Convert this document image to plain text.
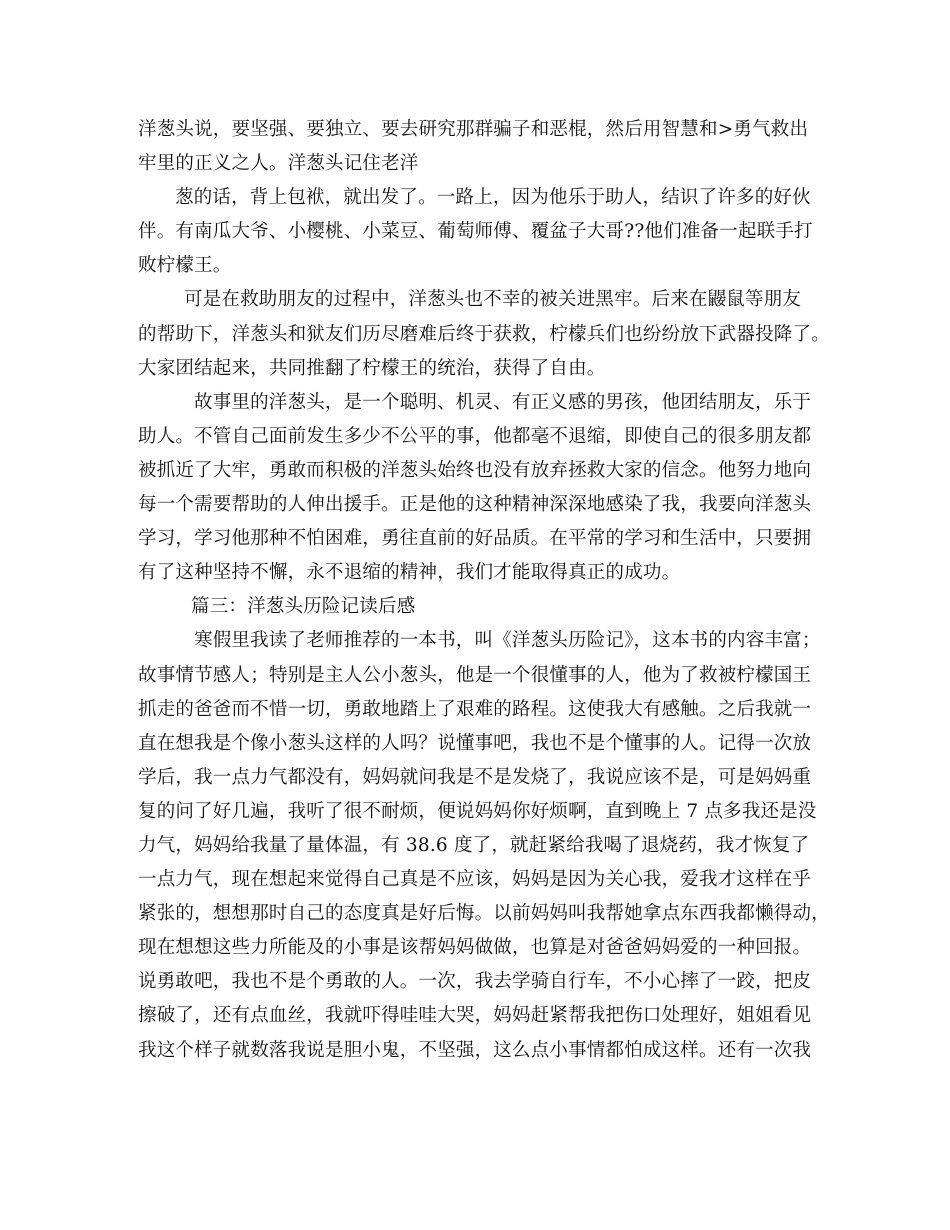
洋葱头说，要坚强、要独立、要去研究那群骗子和恶棍，然后用智慧和>勇气救出
牢里的正义之人。洋葱头记住老洋
葱的话，背上包袱，就出发了。一路上，因为他乐于助人，结识了许多的好伙
伴。有南瓜大爷、小樱桃、小菜豆、葡萄师傅、覆盆子大哥??他们准备一起联手打
败柠檬王。
可是在救助朋友的过程中，洋葱头也不幸的被关进黑牢。后来在鼹鼠等朋友
的帮助下，洋葱头和狱友们历尽磨难后终于获救，柠檬兵们也纷纷放下武器投降了。
大家团结起来，共同推翻了柠檬王的统治，获得了自由。
故事里的洋葱头，是一个聪明、机灵、有正义感的男孩，他团结朋友，乐于
助人。不管自己面前发生多少不公平的事，他都毫不退缩，即使自己的很多朋友都
被抓近了大牢，勇敢而积极的洋葱头始终也没有放弃拯救大家的信念。他努力地向
每一个需要帮助的人伸出援手。正是他的这种精神深深地感染了我，我要向洋葱头
学习，学习他那种不怕困难，勇往直前的好品质。在平常的学习和生活中，只要拥
有了这种坚持不懈，永不退缩的精神，我们才能取得真正的成功。
篇三：洋葱头历险记读后感
寒假里我读了老师推荐的一本书，叫《洋葱头历险记》，这本书的内容丰富；
故事情节感人；特别是主人公小葱头，他是一个很懂事的人，他为了救被柠檬国王
抓走的爸爸而不惜一切，勇敢地踏上了艰难的路程。这使我大有感触。之后我就一
直在想我是个像小葱头这样的人吗？说懂事吧，我也不是个懂事的人。记得一次放
学后，我一点力气都没有，妈妈就问我是不是发烧了，我说应该不是，可是妈妈重
复的问了好几遍，我听了很不耐烦，便说妈妈你好烦啊，直到晚上 7 点多我还是没
力气，妈妈给我量了量体温，有 38.6 度了，就赶紧给我喝了退烧药，我才恢复了
一点力气，现在想起来觉得自己真是不应该，妈妈是因为关心我，爱我才这样在乎
紧张的，想想那时自己的态度真是好后悔。以前妈妈叫我帮她拿点东西我都懒得动，
现在想想这些力所能及的小事是该帮妈妈做做，也算是对爸爸妈妈爱的一种回报。
说勇敢吧，我也不是个勇敢的人。一次，我去学骑自行车，不小心摔了一跤，把皮
擦破了，还有点血丝，我就吓得哇哇大哭，妈妈赶紧帮我把伤口处理好，姐姐看见
我这个样子就数落我说是胆小鬼，不坚强，这么点小事情都怕成这样。还有一次我
